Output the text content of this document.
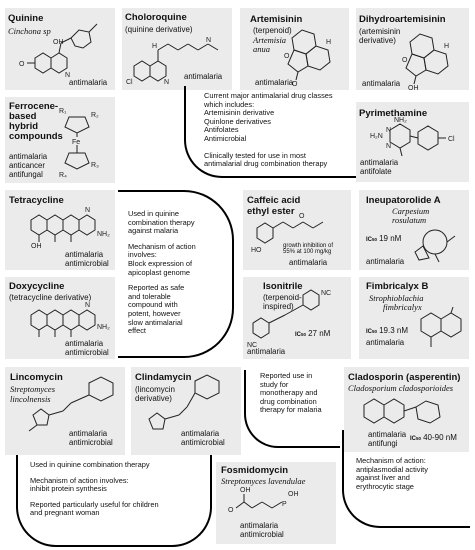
Quinine
Cinchona sp
O
N
OH
antimalaria
Choloroquine
(quinine derivative)
Cl	N
H
N
antimalaria
Artemisinin
(terpenoid)
Artemisia
anua
O
H
O
antimalaria
Dihydroartemisinin
(artemisinin
derivative)
O
OH
H
antimalaria
Ferrocene-
based
hybrid
compounds
Fe
R₁
R₂
R₃
R₄
antimalaria
anticancer
antifungal
Current major antimalarial drug classes
which includes:
Artemisinin derivative
Quinlone derivatives
Antifolates
Antimicrobial
Clinically tested for use in most
antimalarial drug combination therapy
Pyrimethamine
NH₂
H₂N
N
N
Cl
antimalaria
antifolate
Tetracycline
OH
N
NH₂
antimalaria
antimicrobial

Used in quinine
combination therapy
against malaria

Mechanism of action
involves:
Block expression of
apicoplast genome

Reported as safe
and tolerable
compound with
potent, however
slow antimalarial
effect

Caffeic acid
ethyl ester
HO
O
growth inhibition of
55% at 100 mg/kg
antimalaria
Ineupatorolide A
Carpesium
rosulatum
IC50 19 nM
antimalaria
Doxycycline
(tetracycline derivative)
NH₂
N
antimalaria
antimicrobial
Isonitrile
(terpenoid-
inspired)
NC
NC
IC50 27 nM
antimalaria
Fimbricalyx B
Strophioblachia
fimbricalyx
IC50 19.3 nM
antimalaria
Lincomycin
Streptomyces
lincolnensis
antimalaria
antimicrobial
Clindamycin
(lincomycin
derivative)
antimalaria
antimicrobial
Reported use in
study for
monotherapy and
drug combination
therapy for malaria
Cladosporin (asperentin)
Cladosporium cladosporioides
antimalaria
antifungi IC50 40-90 nM

Used in quinine combination therapy

Mechanism of action involves:
inhibit protein synthesis

Reported particularly useful for children
and pregnant woman

Fosmidomycin
Streptomyces lavendulae
OH
O
P
OH
antimalaria
antimicrobial
Mechanism of action:
antiplasmodial activity
against liver and
erythrocytic stage
